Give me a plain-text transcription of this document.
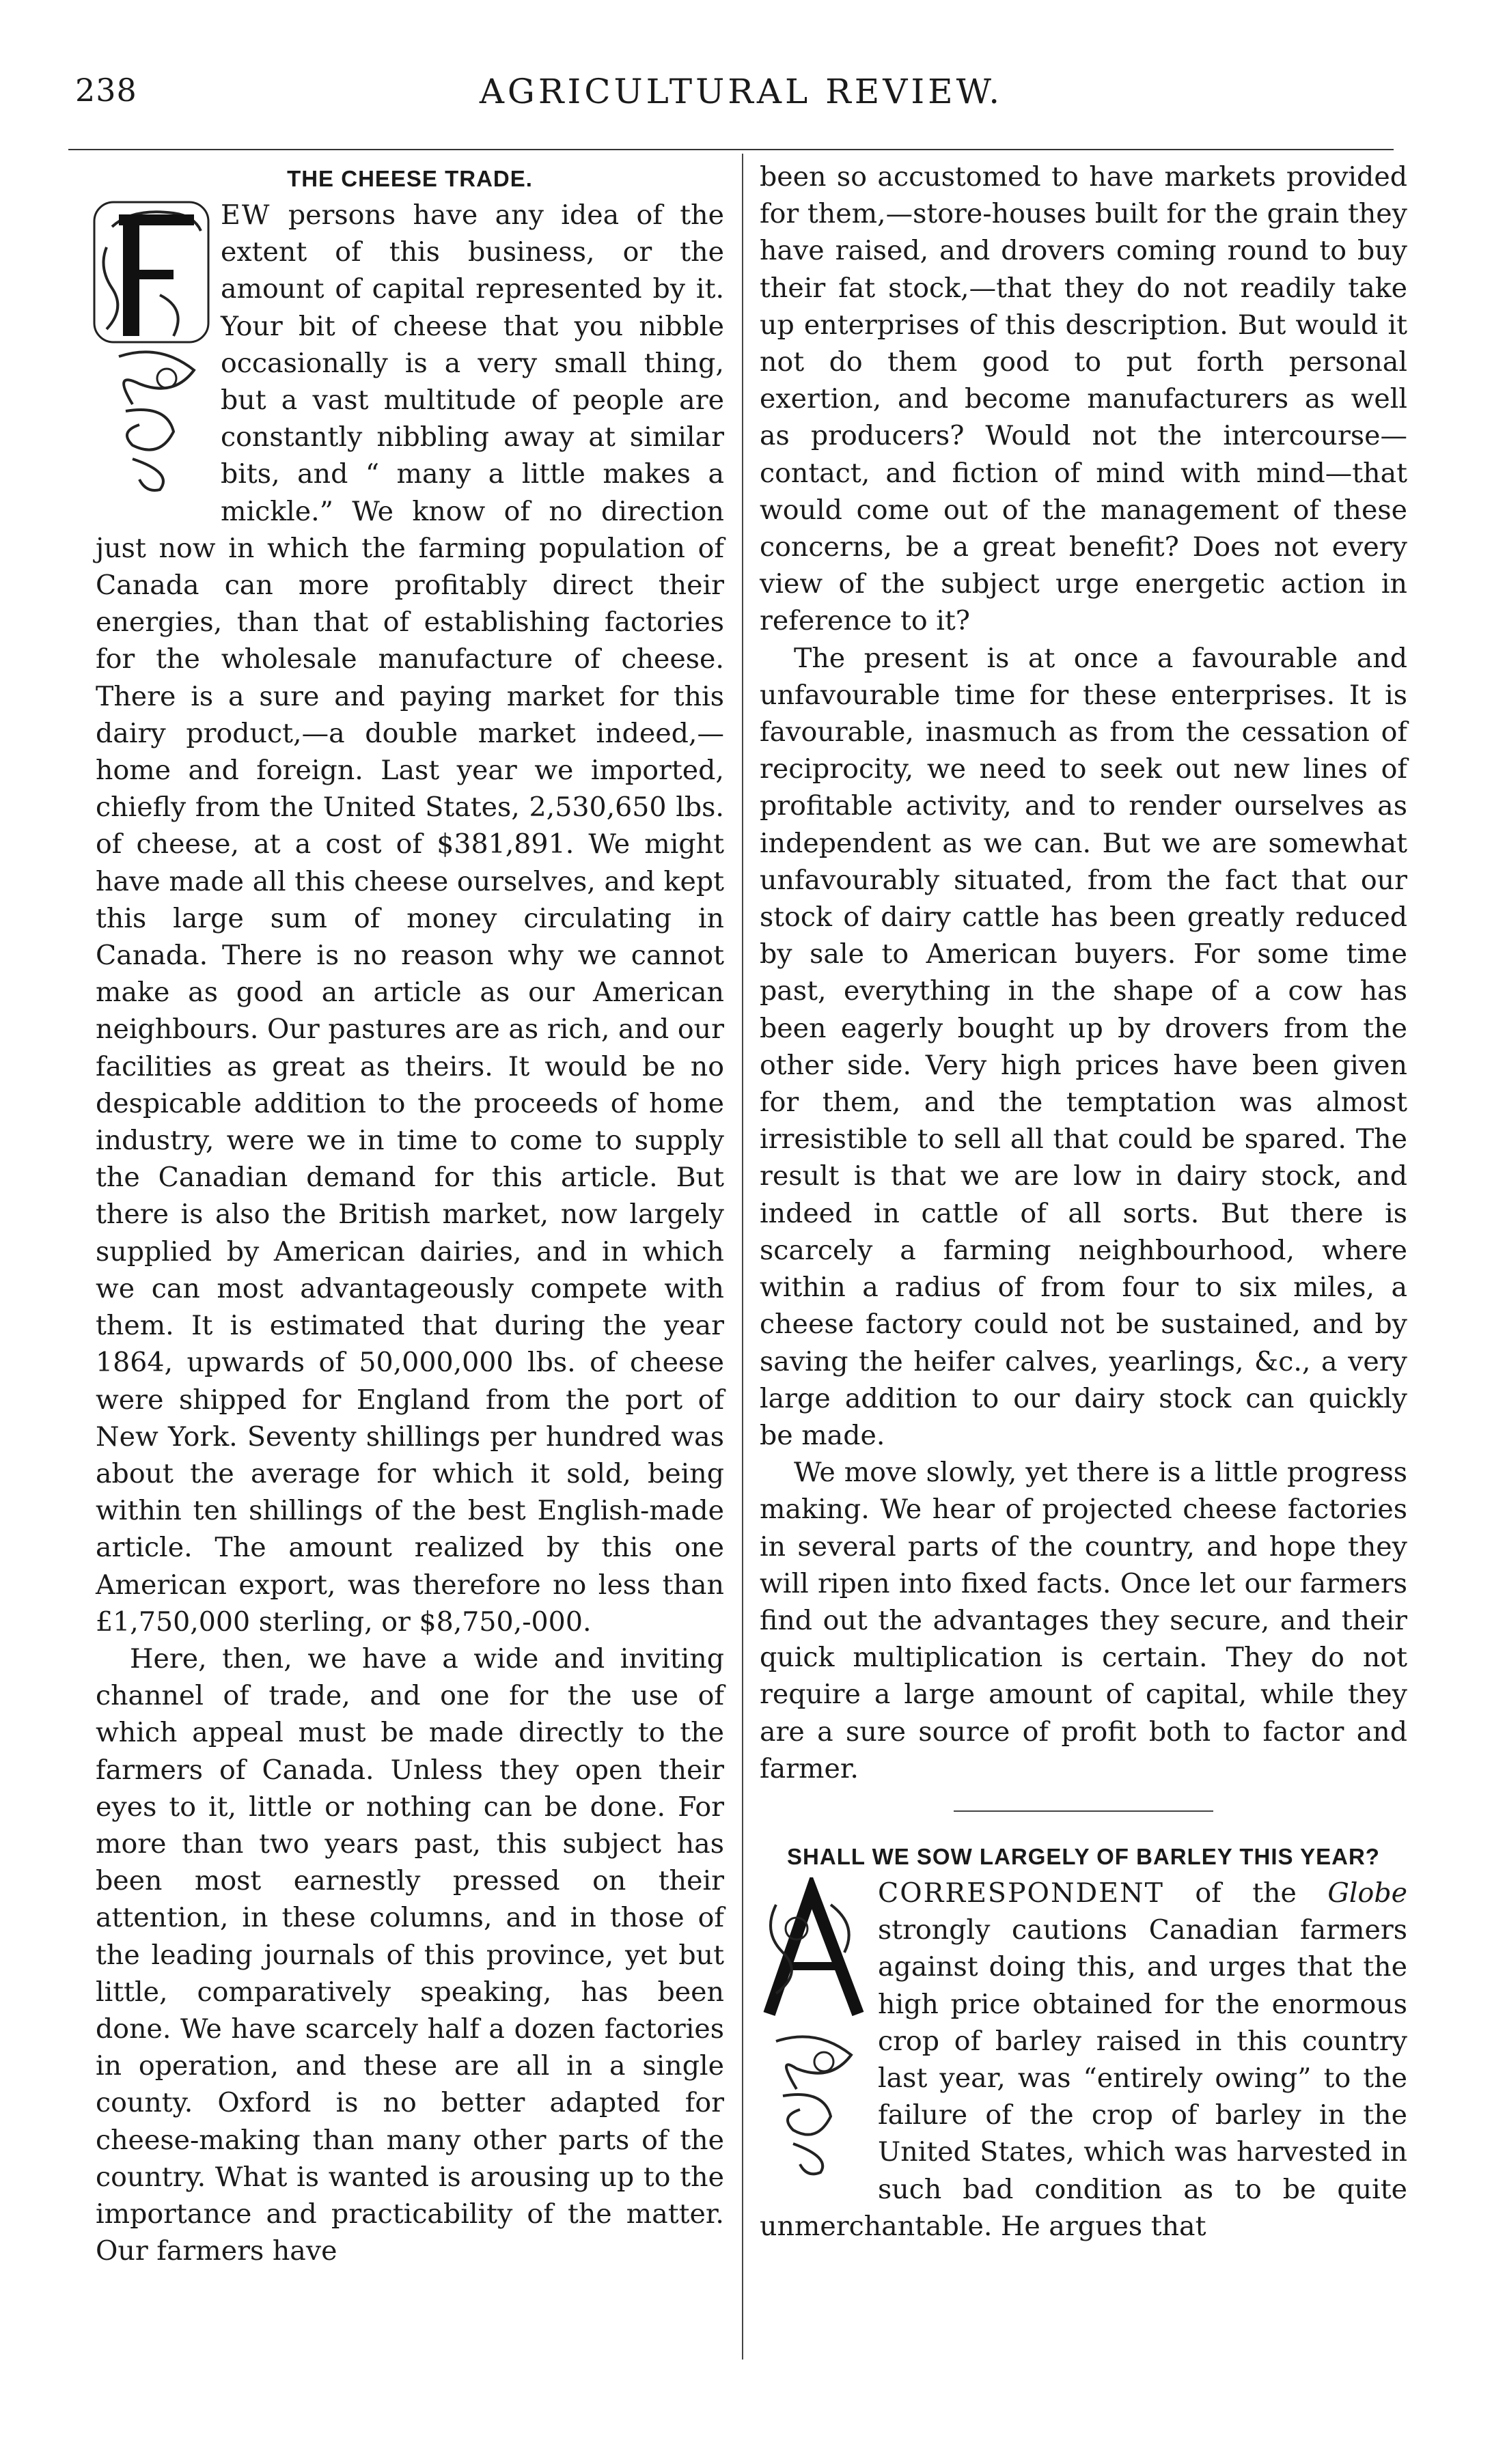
238	AGRICULTURAL REVIEW.
THE CHEESE TRADE.

EW persons have any idea of the extent of this business, or the amount of capital represented by it. Your bit of cheese that you nibble occasionally is a very small thing, but a vast multitude of people are constantly nibbling away at similar bits, and “ many a little makes a mickle.” We know of no direction just now in which the farming population of Canada can more profitably direct their energies, than that of establishing factories for the wholesale manufacture of cheese. There is a sure and paying market for this dairy product,—a double market indeed,—home and foreign. Last year we imported, chiefly from the United States, 2,530,650 lbs. of cheese, at a cost of $381,891. We might have made all this cheese ourselves, and kept this large sum of money circulating in Canada. There is no reason why we cannot make as good an article as our American neighbours. Our pastures are as rich, and our facilities as great as theirs. It would be no despicable addition to the proceeds of home industry, were we in time to come to supply the Canadian demand for this article. But there is also the British market, now largely supplied by American dairies, and in which we can most advantageously compete with them. It is estimated that during the year 1864, upwards of 50,000,000 lbs. of cheese were shipped for England from the port of New York. Seventy shillings per hundred was about the average for which it sold, being within ten shillings of the best English-made article. The amount realized by this one American export, was therefore no less than £1,750,000 sterling, or $8,750,-000.

Here, then, we have a wide and inviting channel of trade, and one for the use of which appeal must be made directly to the farmers of Canada. Unless they open their eyes to it, little or nothing can be done. For more than two years past, this subject has been most earnestly pressed on their attention, in these columns, and in those of the leading journals of this province, yet but little, comparatively speaking, has been done. We have scarcely half a dozen factories in operation, and these are all in a single county. Oxford is no better adapted for cheese-making than many other parts of the country. What is wanted is arousing up to the importance and practicability of the matter. Our farmers have

been so accustomed to have markets provided for them,—store-houses built for the grain they have raised, and drovers coming round to buy their fat stock,—that they do not readily take up enterprises of this description. But would it not do them good to put forth personal exertion, and become manufacturers as well as producers? Would not the intercourse—contact, and fiction of mind with mind—that would come out of the management of these concerns, be a great benefit? Does not every view of the subject urge energetic action in reference to it?

The present is at once a favourable and unfavourable time for these enterprises. It is favourable, inasmuch as from the cessation of reciprocity, we need to seek out new lines of profitable activity, and to render ourselves as independent as we can. But we are somewhat unfavourably situated, from the fact that our stock of dairy cattle has been greatly reduced by sale to American buyers. For some time past, everything in the shape of a cow has been eagerly bought up by drovers from the other side. Very high prices have been given for them, and the temptation was almost irresistible to sell all that could be spared. The result is that we are low in dairy stock, and indeed in cattle of all sorts. But there is scarcely a farming neighbourhood, where within a radius of from four to six miles, a cheese factory could not be sustained, and by saving the heifer calves, yearlings, &c., a very large addition to our dairy stock can quickly be made.

We move slowly, yet there is a little progress making. We hear of projected cheese factories in several parts of the country, and hope they will ripen into fixed facts. Once let our farmers find out the advantages they secure, and their quick multiplication is certain. They do not require a large amount of capital, while they are a sure source of profit both to factor and farmer.

SHALL WE SOW LARGELY OF BARLEY THIS YEAR?

CORRESPONDENT of the Globe strongly cautions Canadian farmers against doing this, and urges that the high price obtained for the enormous crop of barley raised in this country last year, was “entirely owing” to the failure of the crop of barley in the United States, which was harvested in such bad condition as to be quite unmerchantable. He argues that
